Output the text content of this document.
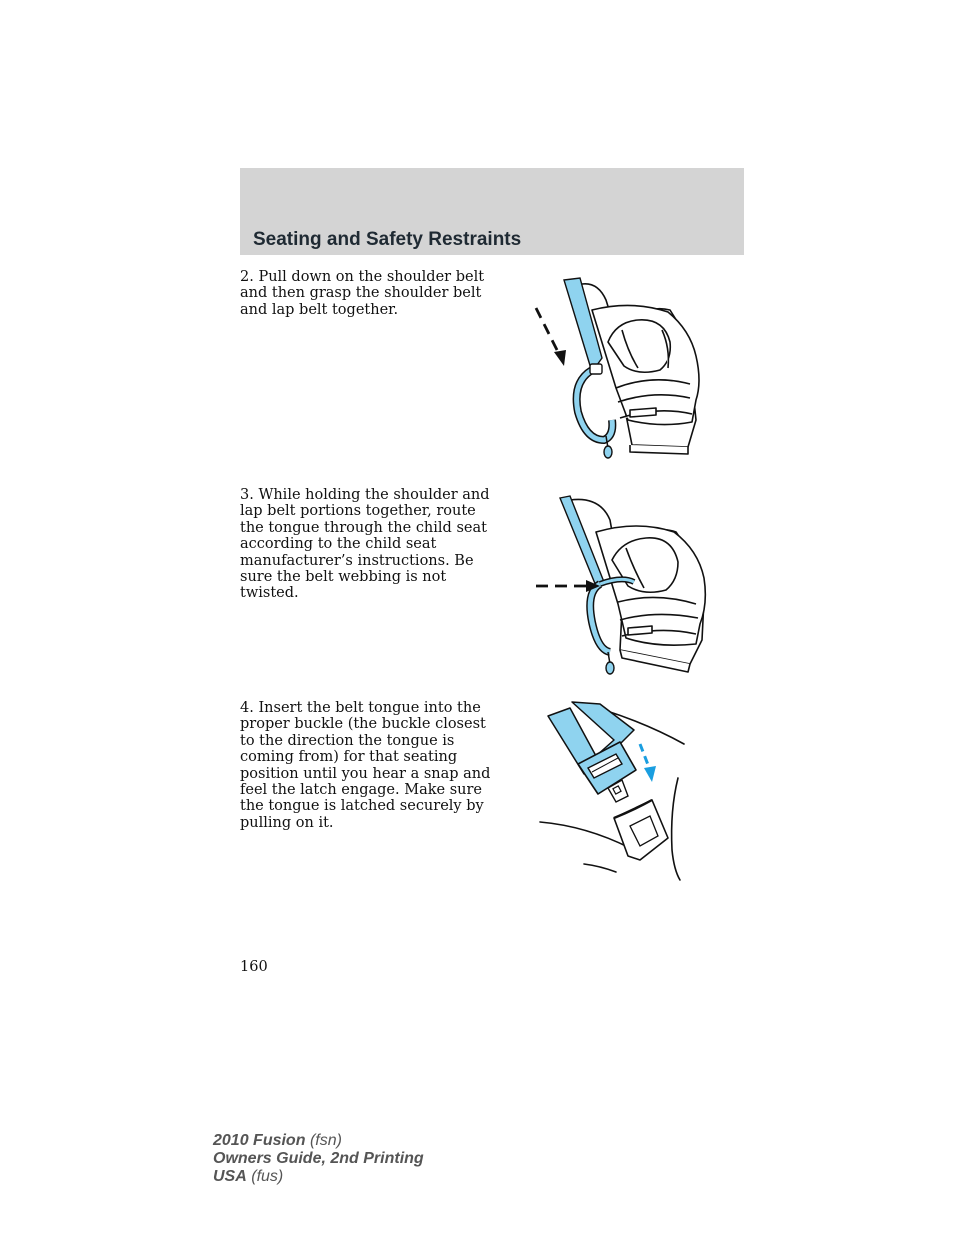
Seating and Safety Restraints

2. Pull down on the shoulder belt and then grasp the shoulder belt and lap belt together.

3. While holding the shoulder and lap belt portions together, route the tongue through the child seat according to the child seat manufacturer’s instructions. Be sure the belt webbing is not twisted.

4. Insert the belt tongue into the proper buckle (the buckle closest to the direction the tongue is coming from) for that seating position until you hear a snap and feel the latch engage. Make sure the tongue is latched securely by pulling on it.

160

2010 Fusion (fsn)
Owners Guide, 2nd Printing
USA (fus)
